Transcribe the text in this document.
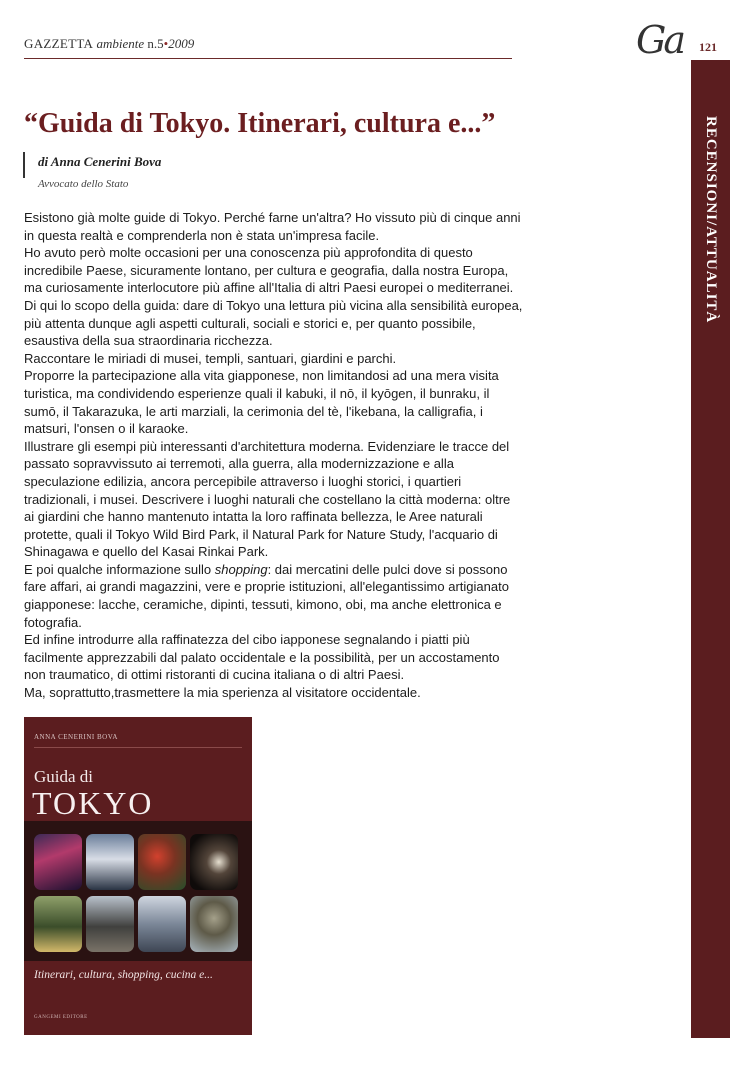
GAZZETTA ambiente n.5•2009	Ga 121
RECENSIONI/ATTUALITÀ
“Guida di Tokyo. Itinerari, cultura e...”
di Anna Cenerini Bova
Avvocato dello Stato

Esistono già molte guide di Tokyo. Perché farne un'altra? Ho vissuto più di cinque anni in questa realtà e comprenderla non è stata un'impresa facile.

Ho avuto però molte occasioni per una conoscenza più approfondita di questo incredibile Paese, sicuramente lontano, per cultura e geografia, dalla nostra Europa, ma curiosamente interlocutore più affine all'Italia di altri Paesi europei o mediterranei.

Di qui lo scopo della guida: dare di Tokyo una lettura più vicina alla sensibilità europea, più attenta dunque agli aspetti culturali, sociali e storici e, per quanto possibile, esaustiva della sua straordinaria ricchezza.

Raccontare le miriadi di musei, templi, santuari, giardini e parchi.

Proporre la partecipazione alla vita giapponese, non limitandosi ad una mera visita turistica, ma condividendo esperienze quali il kabuki, il nō, il kyōgen, il bunraku, il sumō, il Takarazuka, le arti marziali, la cerimonia del tè, l'ikebana, la calligrafia, i matsuri, l'onsen o il karaoke.

Illustrare gli esempi più interessanti d'architettura moderna. Evidenziare le tracce del passato sopravvissuto ai terremoti, alla guerra, alla modernizzazione e alla speculazione edilizia, ancora percepibile attraverso i luoghi storici, i quartieri tradizionali, i musei. Descrivere i luoghi naturali che costellano la città moderna: oltre ai giardini che hanno mantenuto intatta la loro raffinata bellezza, le Aree naturali protette, quali il Tokyo Wild Bird Park, il Natural Park for Nature Study, l'acquario di Shinagawa e quello del Kasai Rinkai Park.

E poi qualche informazione sullo shopping: dai mercatini delle pulci dove si possono fare affari, ai grandi magazzini, vere e proprie istituzioni, all'elegantissimo artigianato giapponese: lacche, ceramiche, dipinti, tessuti, kimono, obi, ma anche elettronica e fotografia.

Ed infine introdurre alla raffinatezza del cibo iapponese segnalando i piatti più facilmente apprezzabili dal palato occidentale e la possibilità, per un accostamento non traumatico, di ottimi ristoranti di cucina italiana o di altri Paesi.

Ma, soprattutto,trasmettere la mia sperienza al visitatore occidentale.

ANNA CENERINI BOVA
Guida di
TOKYO
Itinerari, cultura, shopping, cucina e...
GANGEMI EDITORE
